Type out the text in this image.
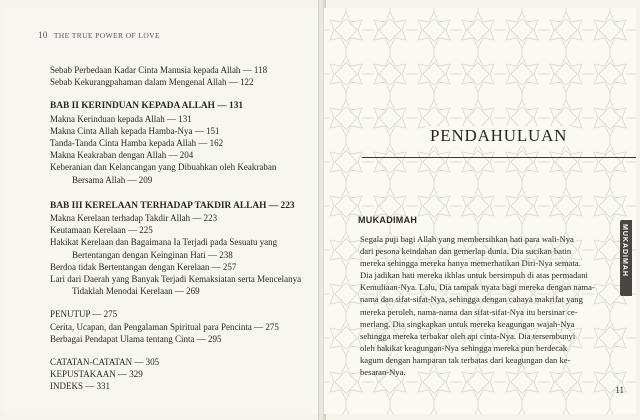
10 THE TRUE POWER OF LOVE
Sebab Perbedaan Kadar Cinta Manusia kepada Allah — 118
Sebab Kekurangpahaman dalam Mengenal Allah — 122
BAB II KERINDUAN KEPADA ALLAH — 131
Makna Kerinduan kepada Allah — 131
Makna Cinta Allah kepada Hamba-Nya — 151
Tanda-Tanda Cinta Hamba kepada Allah — 162
Makna Keakraban dengan Allah — 204
Keberanian dan Kelancangan yang Dibuahkan oleh Keakraban
Bersama Allah — 209
BAB III KERELAAN TERHADAP TAKDIR ALLAH — 223
Makna Kerelaan terhadap Takdir Allah — 223
Keutamaan Kerelaan — 225
Hakikat Kerelaan dan Bagaimana Ia Terjadi pada Sesuatu yang
Bertentangan dengan Keinginan Hati — 238
Berdoa tidak Bertentangan dengan Kerelaan — 257
Lari dari Daerah yang Banyak Terjadi Kemaksiatan serta Mencelanya
Tidaklah Menodai Kerelaan — 269
PENUTUP — 275
Cerita, Ucapan, dan Pengalaman Spiritual para Pencinta — 275
Berbagai Pendapat Ulama tentang Cinta — 295
CATATAN-CATATAN — 305
KEPUSTAKAAN — 329
INDEKS — 331
PENDAHULUAN
MUKADIMAH
Segala puji bagi Allah yang membersihkan hati para wali-Nya
dari pesona keindahan dan gemerlap dunia. Dia sucikan batin
mereka sehingga mereka hanya memerhatikan Diri-Nya semata.
Dia jadikan hati mereka ikhlas untuk bersimpuh di atas permadani
Kemuliaan-Nya. Lalu, Dia tampak nyata bagi mereka dengan nama-
nama dan sifat-sifat-Nya, sehingga dengan cahaya makrifat yang
mereka peroleh, nama-nama dan sifat-sifat-Nya itu bersinar ce-
merlang. Dia singkapkan untuk mereka keagungan wajah-Nya
sehingga mereka terbakar oleh api cinta-Nya. Dia tersembunyi
oleh hakikat keagungan-Nya sehingga mereka pun berdecak
kagum dengan hamparan tak terbatas dari keagungan dan ke-
besaran-Nya.
MUKADIMAH
11
